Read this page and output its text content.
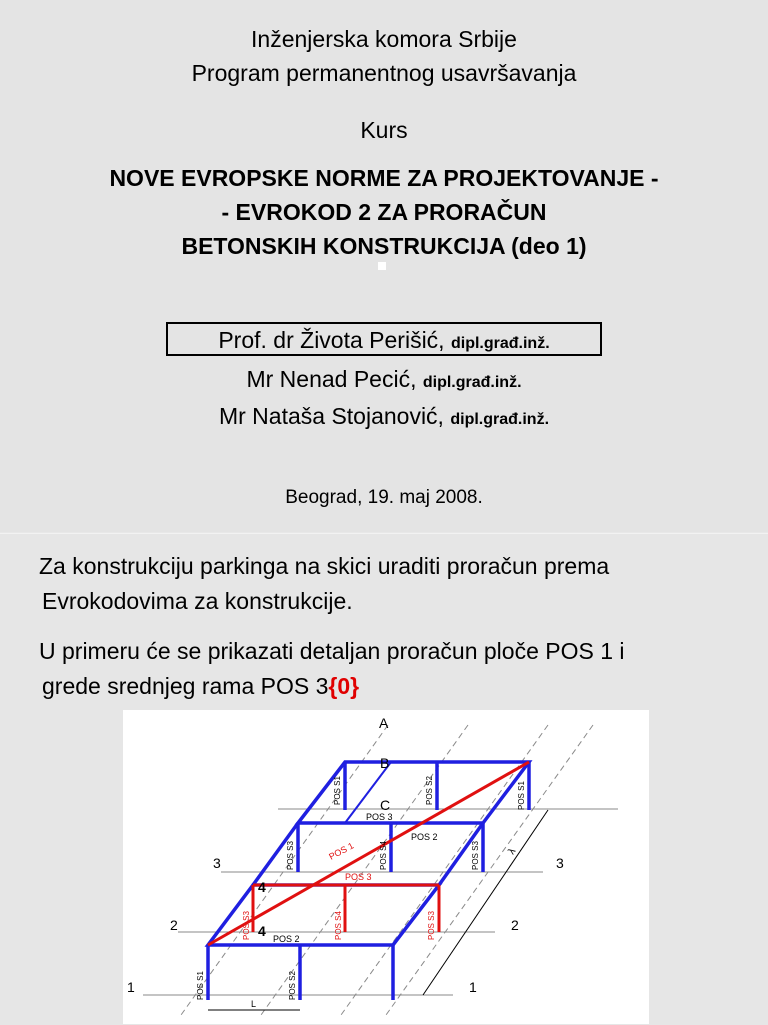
Inženjerska komora Srbije
Program permanentnog usavršavanja
Kurs
NOVE EVROPSKE NORME ZA PROJEKTOVANJE -
- EVROKOD 2 ZA PRORAČUN
BETONSKIH KONSTRUKCIJA (deo 1)
Prof. dr Života Perišić, dipl.građ.inž.
Mr Nenad Pecić, dipl.građ.inž.
Mr Nataša Stojanović, dipl.građ.inž.
Beograd, 19. maj 2008.
Za konstrukciju parkinga na skici uraditi proračun prema
Evrokodovima za konstrukcije.
U primeru će se prikazati detaljan proračun ploče POS 1 i
grede srednjeg rama POS 3{0}
A
B
C
3
2
1
3
2
1
4
4
POS 3
POS 2
POS 3
POS 2
POS 1
POS S1	POS S2	POS S1
POS S3	POS S4	POS S3
POS S3	POS S4	POS S3
POS S1	POS S2
L
λ
